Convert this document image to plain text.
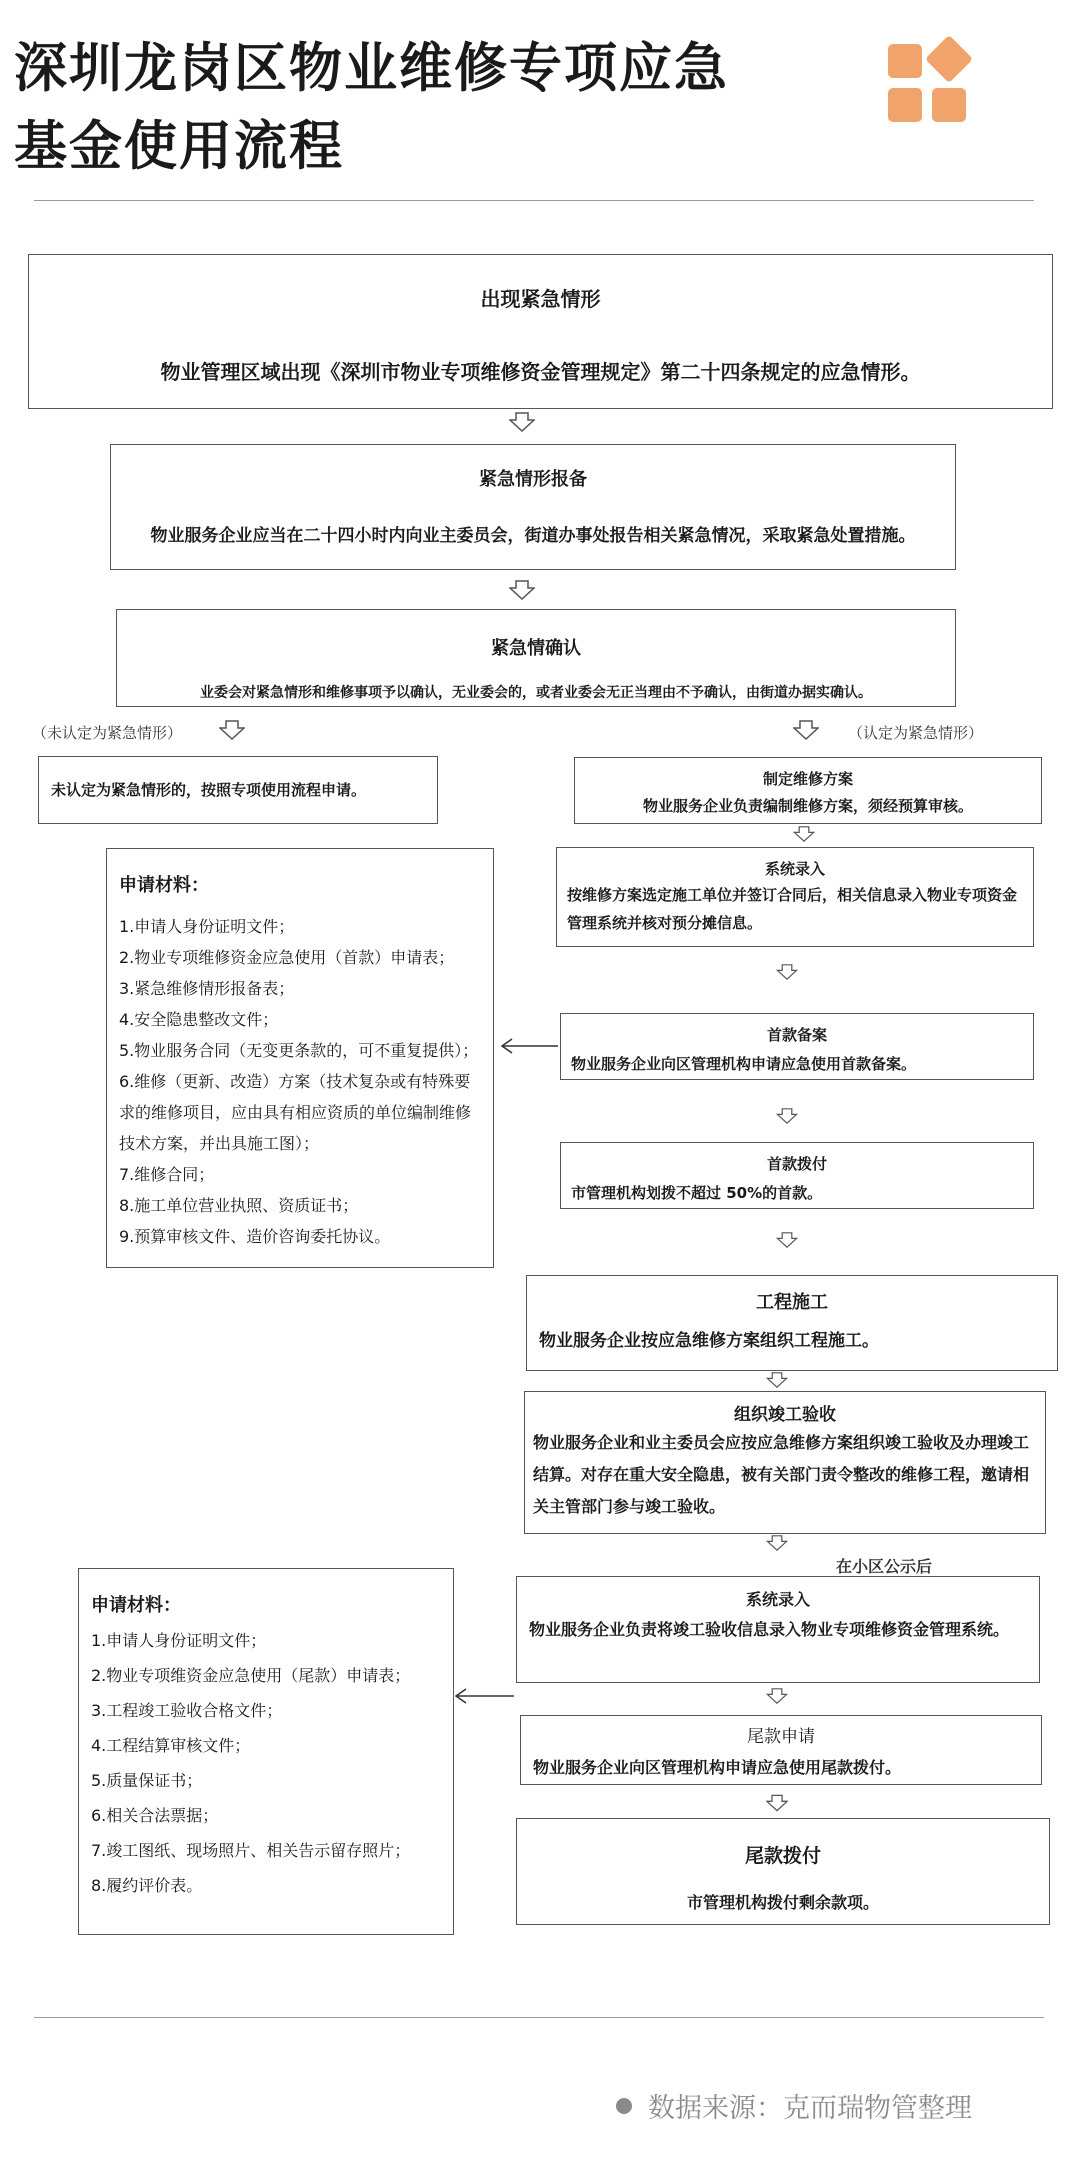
深圳龙岗区物业维修专项应急
基金使用流程
出现紧急情形
物业管理区域出现《深圳市物业专项维修资金管理规定》第二十四条规定的应急情形。
紧急情形报备
物业服务企业应当在二十四小时内向业主委员会，街道办事处报告相关紧急情况，采取紧急处置措施。
紧急情确认
业委会对紧急情形和维修事项予以确认，无业委会的，或者业委会无正当理由不予确认，由街道办据实确认。
（未认定为紧急情形）	（认定为紧急情形）
未认定为紧急情形的，按照专项使用流程申请。
制定维修方案
物业服务企业负责编制维修方案，须经预算审核。
系统录入
按维修方案选定施工单位并签订合同后，相关信息录入物业专项资金管理系统并核对预分摊信息。
申请材料：
1.申请人身份证明文件；
2.物业专项维修资金应急使用（首款）申请表；
3.紧急维修情形报备表；
4.安全隐患整改文件；
5.物业服务合同（无变更条款的，可不重复提供）；
6.维修（更新、改造）方案（技术复杂或有特殊要求的维修项目，应由具有相应资质的单位编制维修技术方案，并出具施工图）；
7.维修合同；
8.施工单位营业执照、资质证书；
9.预算审核文件、造价咨询委托协议。
首款备案
物业服务企业向区管理机构申请应急使用首款备案。
首款拨付
市管理机构划拨不超过 50%的首款。
工程施工
物业服务企业按应急维修方案组织工程施工。
组织竣工验收
物业服务企业和业主委员会应按应急维修方案组织竣工验收及办理竣工结算。对存在重大安全隐患，被有关部门责令整改的维修工程，邀请相关主管部门参与竣工验收。
在小区公示后
系统录入
物业服务企业负责将竣工验收信息录入物业专项维修资金管理系统。
申请材料：
1.申请人身份证明文件；
2.物业专项维资金应急使用（尾款）申请表；
3.工程竣工验收合格文件；
4.工程结算审核文件；
5.质量保证书；
6.相关合法票据；
7.竣工图纸、现场照片、相关告示留存照片；
8.履约评价表。
尾款申请
物业服务企业向区管理机构申请应急使用尾款拨付。
尾款拨付
市管理机构拨付剩余款项。
数据来源：克而瑞物管整理
